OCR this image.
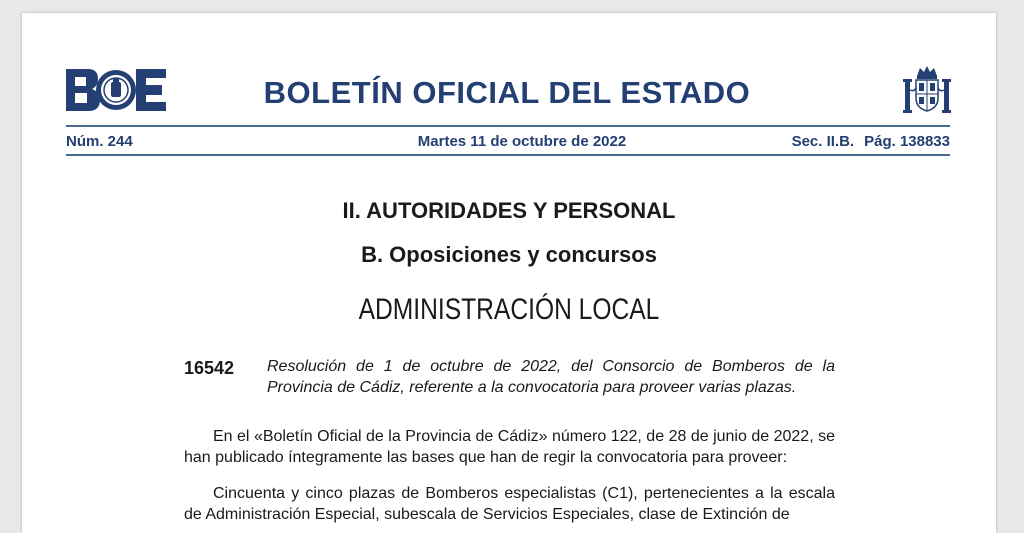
BOLETÍN OFICIAL DEL ESTADO
Núm. 244	Martes 11 de octubre de 2022	Sec. II.B. Pág. 138833
II. AUTORIDADES Y PERSONAL
B. Oposiciones y concursos
ADMINISTRACIÓN LOCAL
16542 Resolución de 1 de octubre de 2022, del Consorcio de Bomberos de la Provincia de Cádiz, referente a la convocatoria para proveer varias plazas.
En el «Boletín Oficial de la Provincia de Cádiz» número 122, de 28 de junio de 2022, se han publicado íntegramente las bases que han de regir la convocatoria para proveer:
Cincuenta y cinco plazas de Bomberos especialistas (C1), pertenecientes a la escala de Administración Especial, subescala de Servicios Especiales, clase de Extinción de
